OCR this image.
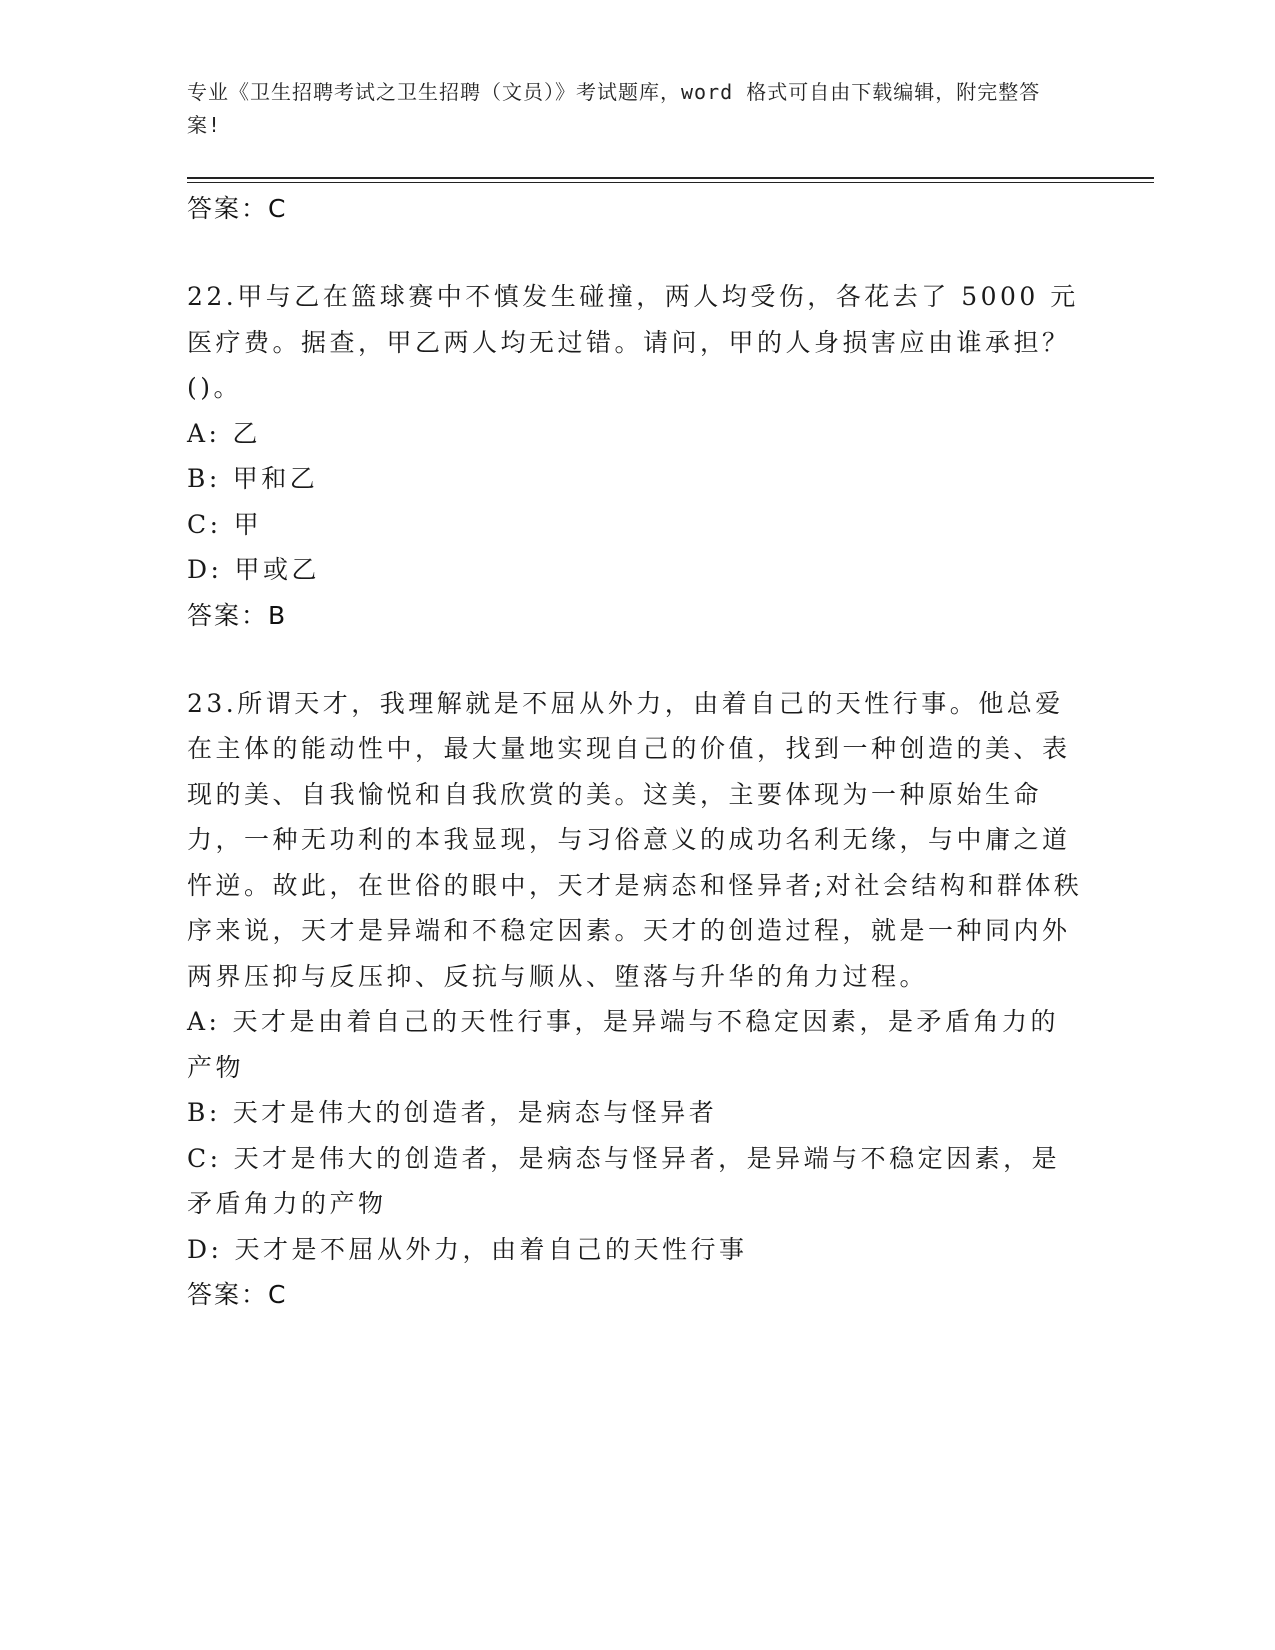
专业《卫生招聘考试之卫生招聘（文员）》考试题库，word 格式可自由下载编辑，附完整答案!

答案：C

22.甲与乙在篮球赛中不慎发生碰撞，两人均受伤，各花去了 5000 元医疗费。据查，甲乙两人均无过错。请问，甲的人身损害应由谁承担？()。

A: 乙

B: 甲和乙

C: 甲

D: 甲或乙

答案：B

23.所谓天才，我理解就是不屈从外力，由着自己的天性行事。他总爱在主体的能动性中，最大量地实现自己的价值，找到一种创造的美、表现的美、自我愉悦和自我欣赏的美。这美，主要体现为一种原始生命力，一种无功利的本我显现，与习俗意义的成功名利无缘，与中庸之道忤逆。故此，在世俗的眼中，天才是病态和怪异者;对社会结构和群体秩序来说，天才是异端和不稳定因素。天才的创造过程，就是一种同内外两界压抑与反压抑、反抗与顺从、堕落与升华的角力过程。

A: 天才是由着自己的天性行事，是异端与不稳定因素，是矛盾角力的产物

B: 天才是伟大的创造者，是病态与怪异者

C: 天才是伟大的创造者，是病态与怪异者，是异端与不稳定因素，是矛盾角力的产物

D: 天才是不屈从外力，由着自己的天性行事

答案：C
